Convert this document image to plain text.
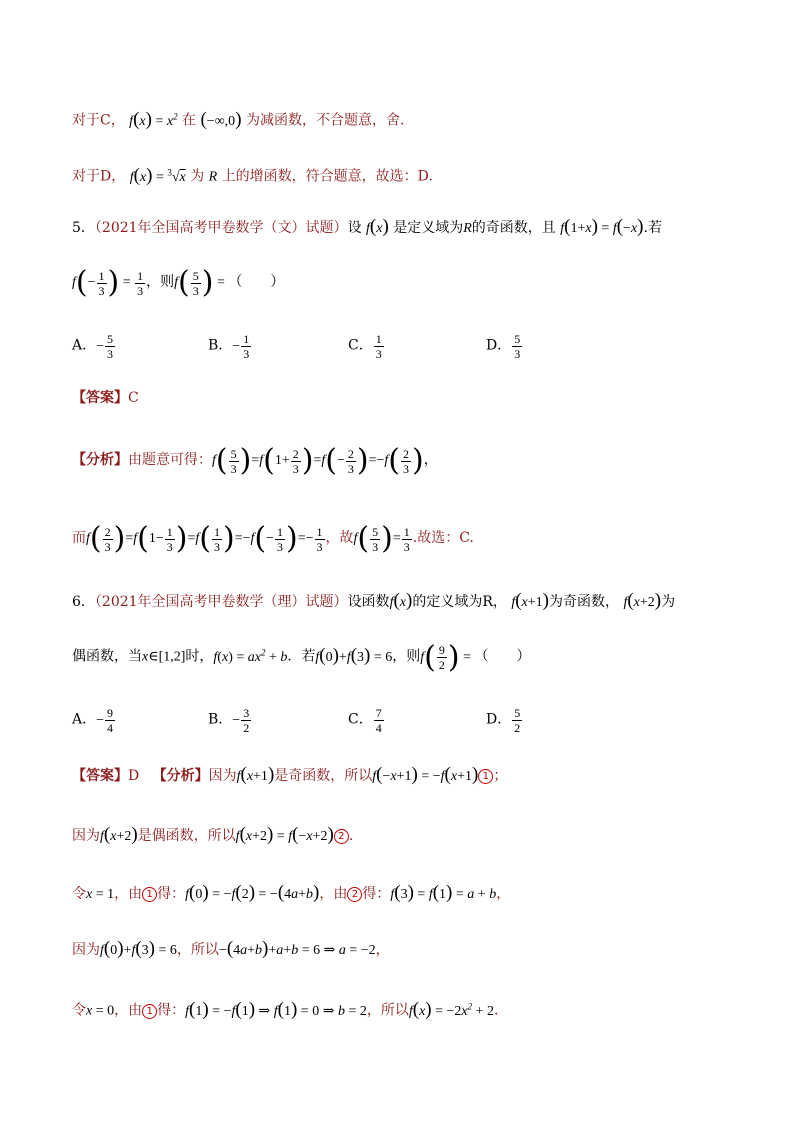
对于C， $f(x) = x^2$ 在 (−∞,0) 为减函数，不合题意，舍.
对于D， f(x) = $^3$√x 为 R 上的增函数，符合题意，故选：D.
5．（2021年全国高考甲卷数学（文）试题）设 f(x) 是定义域为R的奇函数，且 f(1+x) = f(−x).若
$f(- \frac{1}{3}$ ) = $\frac{1}{3}$ ，则$f( \frac{5}{3}$ ) = （　　）
A．− $\frac{5}{3}$	B．− $\frac{1}{3}$	C． $\frac{1}{3}$	D． $\frac{5}{3}$
【答案】C
【分析】由题意可得：$f( \frac{5}{3} )=f(1+ \frac{2}{3} )=f(- \frac{2}{3} )=-f( \frac{2}{3}$ )，
而$f( \frac{2}{3} )=f(1- \frac{1}{3} )=f( \frac{1}{3} )=-f(- \frac{1}{3}$ )=− $\frac{1}{3}$ ，故$f( \frac{5}{3}$ )= $\frac{1}{3}$ .故选：C.
6．（2021年全国高考甲卷数学（理）试题）设函数f(x)的定义域为R， f(x+1)为奇函数， f(x+2)为
偶函数，当x∈[1,2]时，$f(x) = ax^2 + b$．若f(0)+f(3) = 6，则$f( \frac{9}{2}$ ) = （　　）
A．− $\frac{9}{4}$	B．− $\frac{3}{2}$	C． $\frac{7}{4}$	D． $\frac{5}{2}$
【答案】D 【分析】因为f(x+1)是奇函数，所以f(−x+1) = −f(x+1) 1 ；
因为f(x+2)是偶函数，所以f(x+2) = f(−x+2) 2 .
令x = 1，由 1 得：f(0) = −f(2) = −(4a+b)，由 2 得：f(3) = f(1) = a + b，
因为f(0)+f(3) = 6，所以−(4a+b)+a+b = 6 ⇒ a = −2，
令x = 0，由 1 得：f(1) = −f(1) ⇒ f(1) = 0 ⇒ b = 2，所以$f(x) = -2x^2 + 2$.
